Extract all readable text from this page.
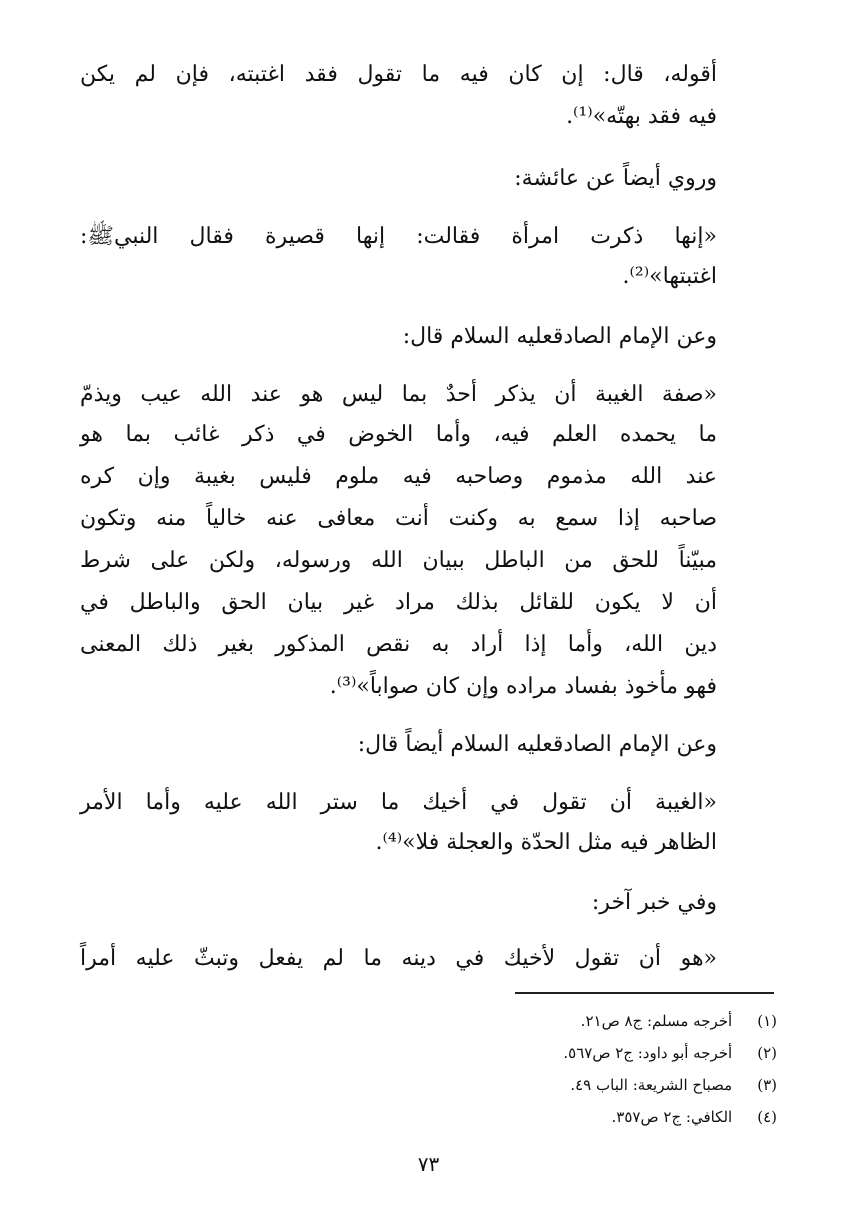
أقوله، قال: إن كان فيه ما تقول فقد اغتبته، فإن لم يكن
فيه فقد بهتّه»⁽¹⁾.
وروي أيضاً عن عائشة:
«إنها ذكرت امرأة فقالت: إنها قصيرة فقال النبيﷺ:
اغتبتها»⁽²⁾.
وعن الإمام الصادقعليه السلام قال:
«صفة الغيبة أن يذكر أحدٌ بما ليس هو عند الله عيب ويذمّ
ما يحمده العلم فيه، وأما الخوض في ذكر غائب بما هو
عند الله مذموم وصاحبه فيه ملوم فليس بغيبة وإن كره
صاحبه إذا سمع به وكنت أنت معافى عنه خالياً منه وتكون
مبيّناً للحق من الباطل ببيان الله ورسوله، ولكن على شرط
أن لا يكون للقائل بذلك مراد غير بيان الحق والباطل في
دين الله، وأما إذا أراد به نقص المذكور بغير ذلك المعنى
فهو مأخوذ بفساد مراده وإن كان صواباً»⁽³⁾.
وعن الإمام الصادقعليه السلام أيضاً قال:
«الغيبة أن تقول في أخيك ما ستر الله عليه وأما الأمر
الظاهر فيه مثل الحدّة والعجلة فلا»⁽⁴⁾.
وفي خبر آخر:
«هو أن تقول لأخيك في دينه ما لم يفعل وتبثّ عليه أمراً
(١) أخرجه مسلم: ج٨ ص٢١.
(٢) أخرجه أبو داود: ج٢ ص٥٦٧.
(٣) مصباح الشريعة: الباب ٤٩.
(٤) الكافي: ج٢ ص٣٥٧.
٧٣
